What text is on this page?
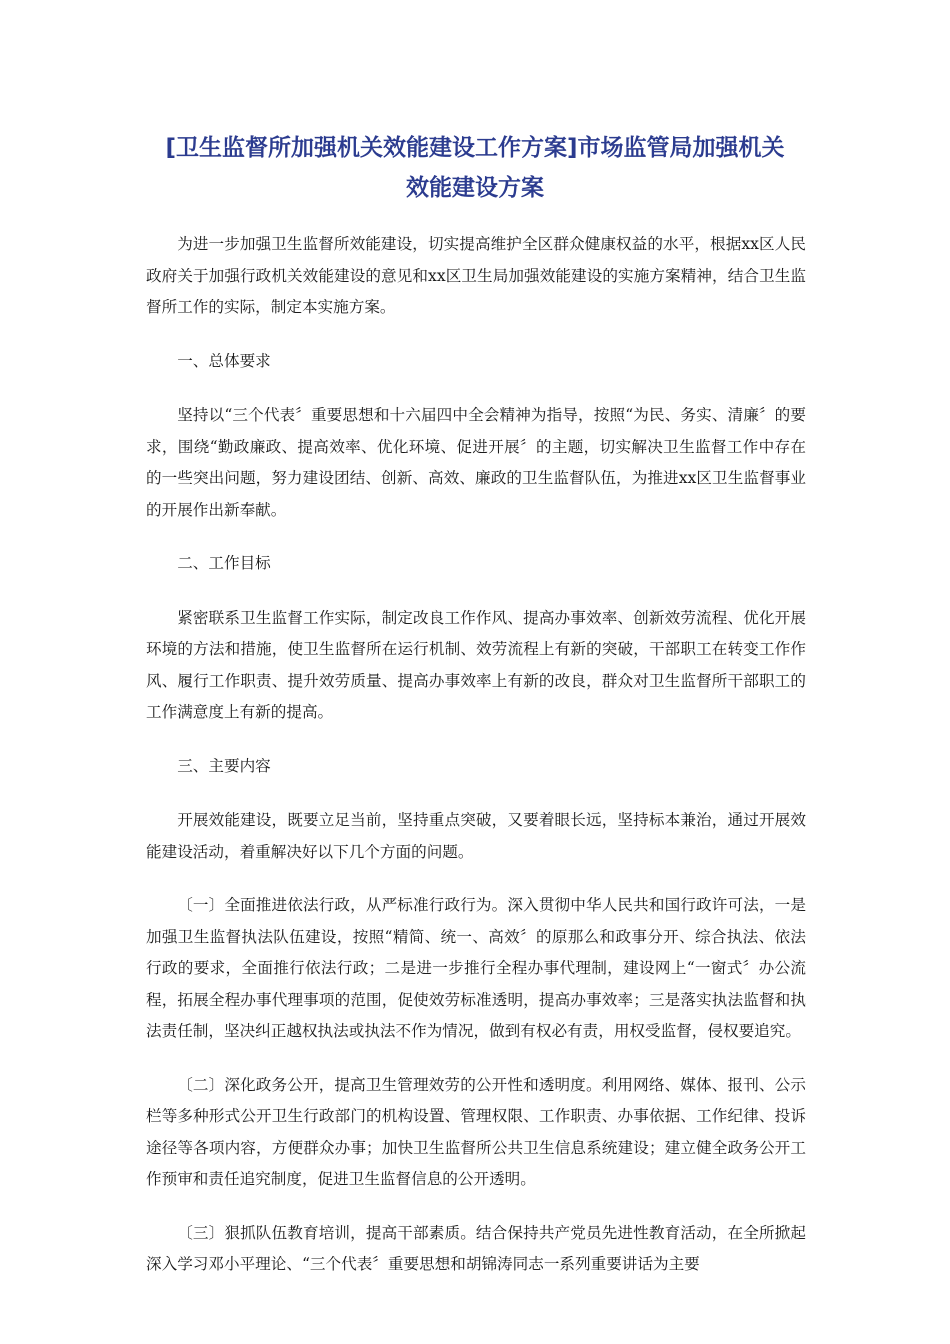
[卫生监督所加强机关效能建设工作方案]市场监管局加强机关
效能建设方案

为进一步加强卫生监督所效能建设，切实提高维护全区群众健康权益的水平，根据xx区人民政府关于加强行政机关效能建设的意见和xx区卫生局加强效能建设的实施方案精神，结合卫生监督所工作的实际，制定本实施方案。

一、总体要求

坚持以“三个代表〞重要思想和十六届四中全会精神为指导，按照“为民、务实、清廉〞的要求，围绕“勤政廉政、提高效率、优化环境、促进开展〞的主题，切实解决卫生监督工作中存在的一些突出问题，努力建设团结、创新、高效、廉政的卫生监督队伍，为推进xx区卫生监督事业的开展作出新奉献。

二、工作目标

紧密联系卫生监督工作实际，制定改良工作作风、提高办事效率、创新效劳流程、优化开展环境的方法和措施，使卫生监督所在运行机制、效劳流程上有新的突破，干部职工在转变工作作风、履行工作职责、提升效劳质量、提高办事效率上有新的改良，群众对卫生监督所干部职工的工作满意度上有新的提高。

三、主要内容

开展效能建设，既要立足当前，坚持重点突破，又要着眼长远，坚持标本兼治，通过开展效能建设活动，着重解决好以下几个方面的问题。

〔一〕全面推进依法行政，从严标准行政行为。深入贯彻中华人民共和国行政许可法，一是加强卫生监督执法队伍建设，按照“精简、统一、高效〞的原那么和政事分开、综合执法、依法行政的要求，全面推行依法行政；二是进一步推行全程办事代理制，建设网上“一窗式〞办公流程，拓展全程办事代理事项的范围，促使效劳标准透明，提高办事效率；三是落实执法监督和执法责任制，坚决纠正越权执法或执法不作为情况，做到有权必有责，用权受监督，侵权要追究。

〔二〕深化政务公开，提高卫生管理效劳的公开性和透明度。利用网络、媒体、报刊、公示栏等多种形式公开卫生行政部门的机构设置、管理权限、工作职责、办事依据、工作纪律、投诉途径等各项内容，方便群众办事；加快卫生监督所公共卫生信息系统建设；建立健全政务公开工作预审和责任追究制度，促进卫生监督信息的公开透明。

〔三〕狠抓队伍教育培训，提高干部素质。结合保持共产党员先进性教育活动，在全所掀起深入学习邓小平理论、“三个代表〞重要思想和胡锦涛同志一系列重要讲话为主要
